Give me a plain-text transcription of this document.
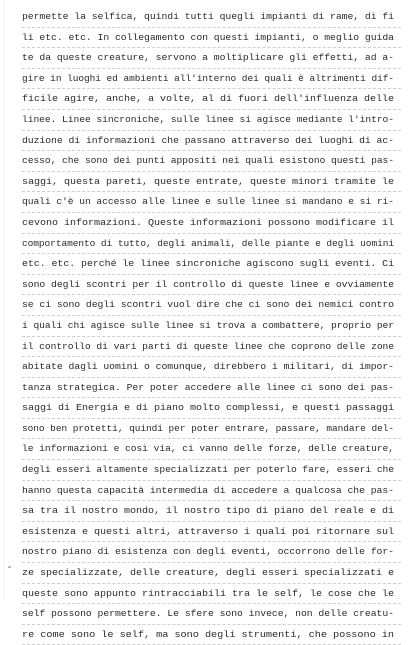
permette la selfica, quindi tutti quegli impianti di rame, di fi
li etc. etc. In collegamento con questi impianti, o meglio guida
te da queste creature, servono a moltiplicare gli effetti, ad a-
gire in luoghi ed ambienti all'interno dei quali è altrimenti dif-
ficile agire, anche, a volte, al di fuori dell'influenza delle
linee. Linee sincroniche, sulle linee si agisce mediante l'intro-
duzione di informazioni che passano attraverso dei luoghi di ac-
cesso, che sono dei punti appositi nei quali esistono questi pas-
saggi, questa pareti, queste entrate, queste minori tramite le
quali c'è un accesso alle linee e sulle linee si mandano e si ri-
cevono informazioni. Queste informazioni possono modificare il
comportamento di tutto, degli animali, delle piante e degli uomini
etc. etc. perché le linee sincroniche agiscono sugli eventi. Ci
sono degli scontri per il controllo di queste linee e ovviamente
se ci sono degli scontri vuol dire che ci sono dei nemici contro
i quali chi agisce sulle linee si trova a combattere, proprio per
il controllo di vari parti di queste linee che coprono delle zone
abitate dagli uomini o comunque, direbbero i militari, di impor-
tanza strategica. Per poter accedere alle linee ci sono dei pas-
saggi di Energia e di piano molto complessi, e questi passaggi
sono ben protetti, quindi per poter entrare, passare, mandare del-
le informazioni e così via, ci vanno delle forze, delle creature,
degli esseri altamente specializzati per poterlo fare, esseri che
hanno questa capacità intermedia di accedere a qualcosa che pas-
sa tra il nostro mondo, il nostro tipo di piano del reale e di
esistenza e questi altri, attraverso i quali poi ritornare sul
nostro piano di esistenza con degli eventi, occorrono delle for-
ze specializzate, delle creature, degli esseri specializzati e
queste sono appunto rintracciabili tra le self, le cose che le
self possono permettere. Le sfere sono invece, non delle creatu-
re come sono le self, ma sono degli strumenti, che possono in
